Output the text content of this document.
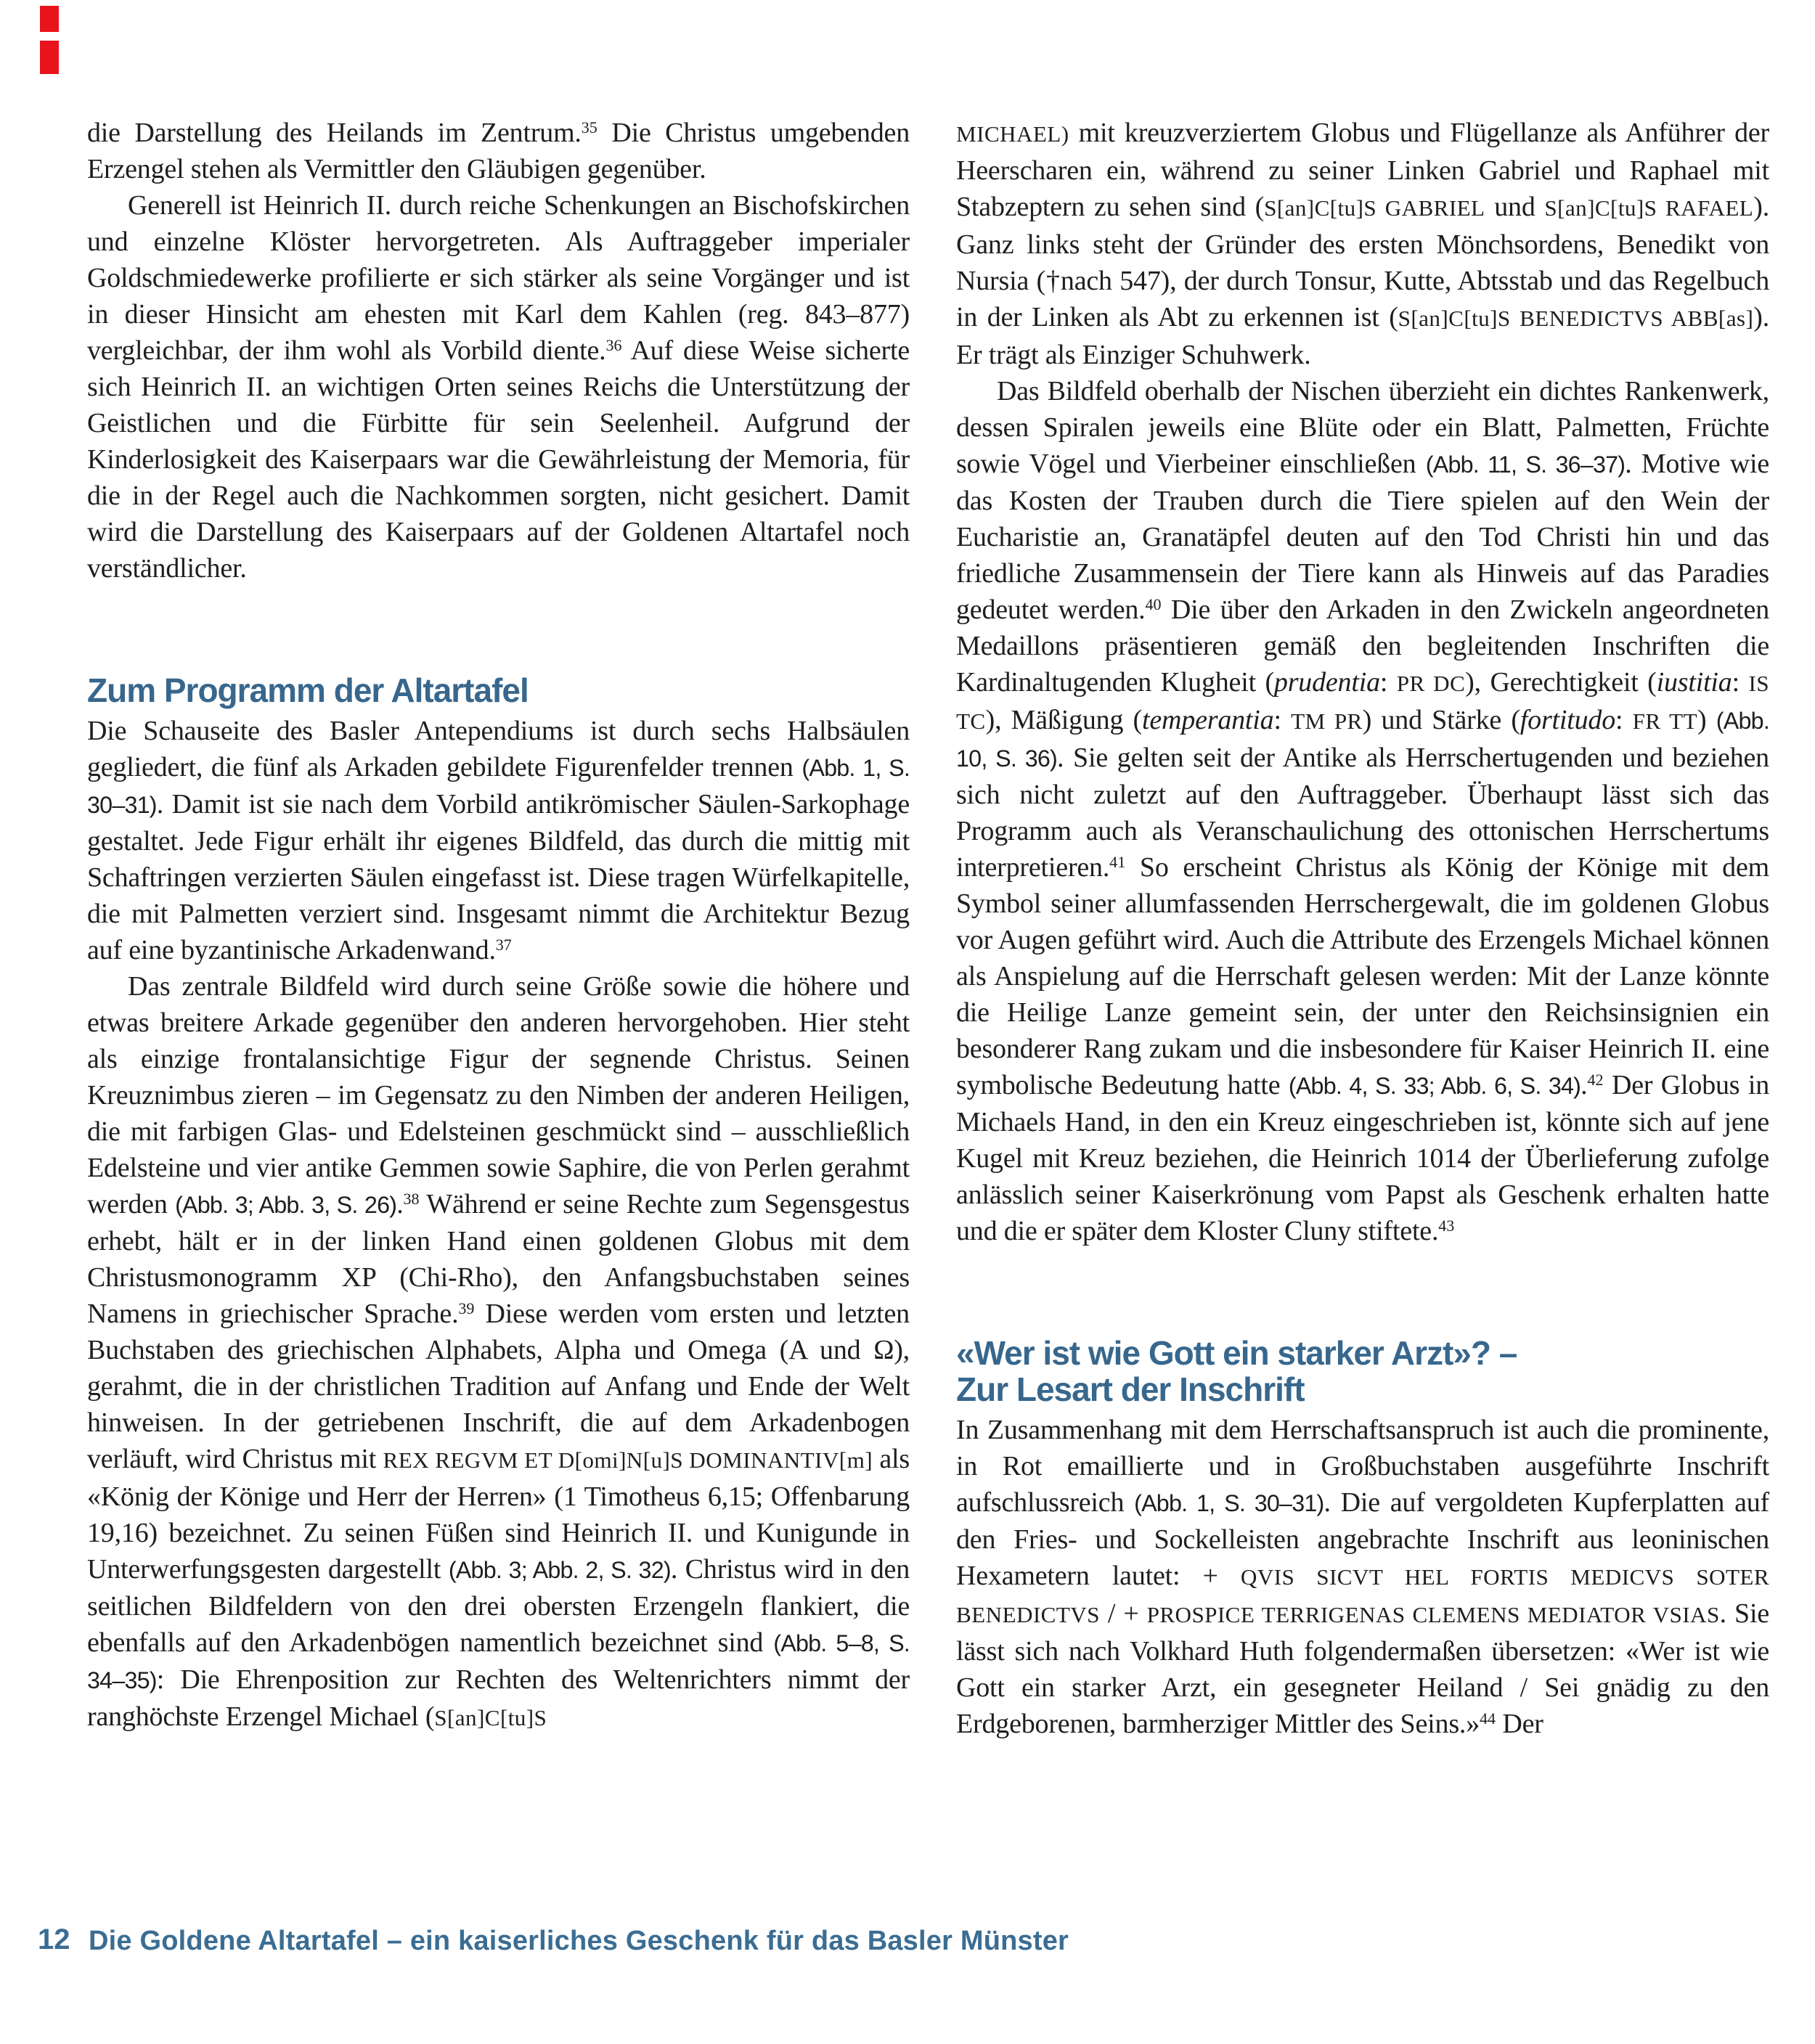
die Darstellung des Heilands im Zentrum.$^{35}$ Die Christus umgebenden Erzengel stehen als Vermittler den Gläubigen gegenüber.

Generell ist Heinrich II. durch reiche Schenkungen an Bischofskirchen und einzelne Klöster hervorgetreten. Als Auftraggeber imperialer Goldschmiedewerke profilierte er sich stärker als seine Vorgänger und ist in dieser Hinsicht am ehesten mit Karl dem Kahlen (reg. 843–877) vergleichbar, der ihm wohl als Vorbild diente.$^{36}$ Auf diese Weise sicherte sich Heinrich II. an wichtigen Orten seines Reichs die Unterstützung der Geistlichen und die Fürbitte für sein Seelenheil. Aufgrund der Kinderlosigkeit des Kaiserpaars war die Gewährleistung der Memoria, für die in der Regel auch die Nachkommen sorgten, nicht gesichert. Damit wird die Darstellung des Kaiserpaars auf der Goldenen Altartafel noch verständlicher.

Zum Programm der Altartafel

Die Schauseite des Basler Antependiums ist durch sechs Halbsäulen gegliedert, die fünf als Arkaden gebildete Figurenfelder trennen (Abb. 1, S. 30–31). Damit ist sie nach dem Vorbild antikrömischer Säulen-Sarkophage gestaltet. Jede Figur erhält ihr eigenes Bildfeld, das durch die mittig mit Schaftringen verzierten Säulen eingefasst ist. Diese tragen Würfelkapitelle, die mit Palmetten verziert sind. Insgesamt nimmt die Architektur Bezug auf eine byzantinische Arkadenwand.$^{37}$

Das zentrale Bildfeld wird durch seine Größe sowie die höhere und etwas breitere Arkade gegenüber den anderen hervorgehoben. Hier steht als einzige frontalansichtige Figur der segnende Christus. Seinen Kreuznimbus zieren – im Gegensatz zu den Nimben der anderen Heiligen, die mit farbigen Glas- und Edelsteinen geschmückt sind – ausschließlich Edelsteine und vier antike Gemmen sowie Saphire, die von Perlen gerahmt werden (Abb. 3; Abb. 3, S. 26).$^{38}$ Während er seine Rechte zum Segensgestus erhebt, hält er in der linken Hand einen goldenen Globus mit dem Christusmonogramm XP (Chi-Rho), den Anfangsbuchstaben seines Namens in griechischer Sprache.$^{39}$ Diese werden vom ersten und letzten Buchstaben des griechischen Alphabets, Alpha und Omega (Α und Ω), gerahmt, die in der christlichen Tradition auf Anfang und Ende der Welt hinweisen. In der getriebenen Inschrift, die auf dem Arkadenbogen verläuft, wird Christus mit REX REGVM ET D[omi]N[u]S DOMINANTIV[m] als «König der Könige und Herr der Herren» (1 Timotheus 6,15; Offenbarung 19,16) bezeichnet. Zu seinen Füßen sind Heinrich II. und Kunigunde in Unterwerfungsgesten dargestellt (Abb. 3; Abb. 2, S. 32). Christus wird in den seitlichen Bildfeldern von den drei obersten Erzengeln flankiert, die ebenfalls auf den Arkadenbögen namentlich bezeichnet sind (Abb. 5–8, S. 34–35): Die Ehrenposition zur Rechten des Weltenrichters nimmt der ranghöchste Erzengel Michael (S[an]C[tu]S

MICHAEL) mit kreuzverziertem Globus und Flügellanze als Anführer der Heerscharen ein, während zu seiner Linken Gabriel und Raphael mit Stabzeptern zu sehen sind (S[an]C[tu]S GABRIEL und S[an]C[tu]S RAFAEL). Ganz links steht der Gründer des ersten Mönchsordens, Benedikt von Nursia (†nach 547), der durch Tonsur, Kutte, Abtsstab und das Regelbuch in der Linken als Abt zu erkennen ist (S[an]C[tu]S BENEDICTVS ABB[as]). Er trägt als Einziger Schuhwerk.

Das Bildfeld oberhalb der Nischen überzieht ein dichtes Rankenwerk, dessen Spiralen jeweils eine Blüte oder ein Blatt, Palmetten, Früchte sowie Vögel und Vierbeiner einschließen (Abb. 11, S. 36–37). Motive wie das Kosten der Trauben durch die Tiere spielen auf den Wein der Eucharistie an, Granatäpfel deuten auf den Tod Christi hin und das friedliche Zusammensein der Tiere kann als Hinweis auf das Paradies gedeutet werden.$^{40}$ Die über den Arkaden in den Zwickeln angeordneten Medaillons präsentieren gemäß den begleitenden Inschriften die Kardinaltugenden Klugheit (prudentia: PR DC), Gerechtigkeit (iustitia: IS TC), Mäßigung (temperantia: TM PR) und Stärke (fortitudo: FR TT) (Abb. 10, S. 36). Sie gelten seit der Antike als Herrschertugenden und beziehen sich nicht zuletzt auf den Auftraggeber. Überhaupt lässt sich das Programm auch als Veranschaulichung des ottonischen Herrschertums interpretieren.$^{41}$ So erscheint Christus als König der Könige mit dem Symbol seiner allumfassenden Herrschergewalt, die im goldenen Globus vor Augen geführt wird. Auch die Attribute des Erzengels Michael können als Anspielung auf die Herrschaft gelesen werden: Mit der Lanze könnte die Heilige Lanze gemeint sein, der unter den Reichsinsignien ein besonderer Rang zukam und die insbesondere für Kaiser Heinrich II. eine symbolische Bedeutung hatte (Abb. 4, S. 33; Abb. 6, S. 34).$^{42}$ Der Globus in Michaels Hand, in den ein Kreuz eingeschrieben ist, könnte sich auf jene Kugel mit Kreuz beziehen, die Heinrich 1014 der Überlieferung zufolge anlässlich seiner Kaiserkrönung vom Papst als Geschenk erhalten hatte und die er später dem Kloster Cluny stiftete.$^{43}$

«Wer ist wie Gott ein starker Arzt»? –
Zur Lesart der Inschrift

In Zusammenhang mit dem Herrschaftsanspruch ist auch die prominente, in Rot emaillierte und in Großbuchstaben ausgeführte Inschrift aufschlussreich (Abb. 1, S. 30–31). Die auf vergoldeten Kupferplatten auf den Fries- und Sockelleisten angebrachte Inschrift aus leoninischen Hexametern lautet: + QVIS SICVT HEL FORTIS MEDICVS SOTER BENEDICTVS / + PROSPICE TERRIGENAS CLEMENS MEDIATOR VSIAS. Sie lässt sich nach Volkhard Huth folgendermaßen übersetzen: «Wer ist wie Gott ein starker Arzt, ein gesegneter Heiland / Sei gnädig zu den Erdgeborenen, barmherziger Mittler des Seins.»$^{44}$ Der

12 Die Goldene Altartafel – ein kaiserliches Geschenk für das Basler Münster
